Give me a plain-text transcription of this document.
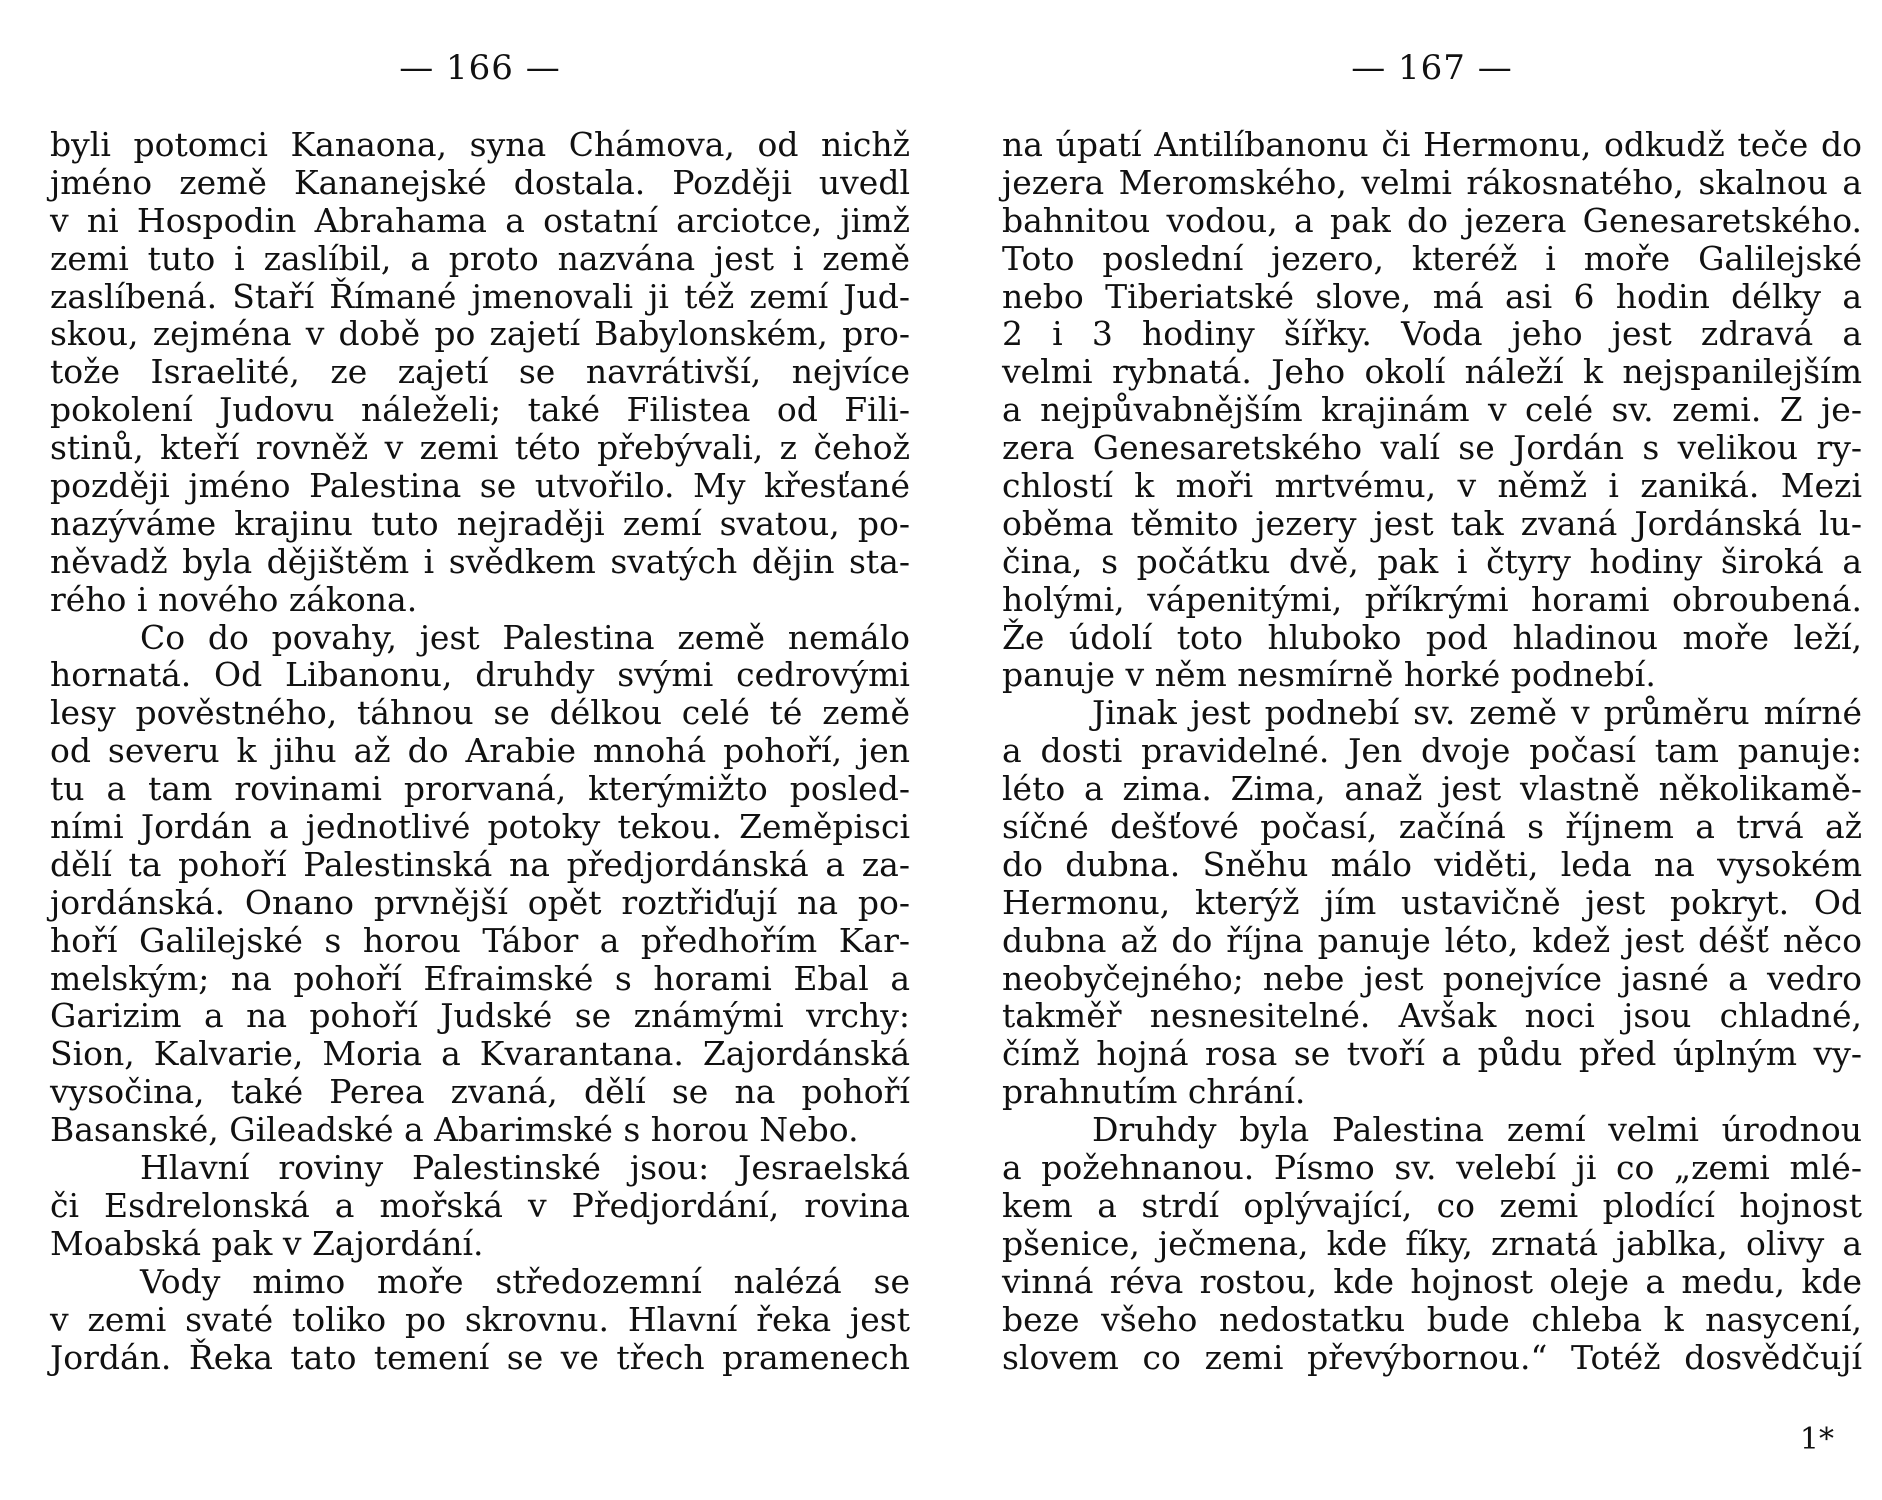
— 166 —
byli potomci Kanaona, syna Chámova, od nichž
jméno země Kananejské dostala. Později uvedl
v ni Hospodin Abrahama a ostatní arciotce, jimž
zemi tuto i zaslíbil, a proto nazvána jest i země
zaslíbená. Staří Římané jmenovali ji též zemí Jud-
skou, zejména v době po zajetí Babylonském, pro-
tože Israelité, ze zajetí se navrátivší, nejvíce
pokolení Judovu náleželi; také Filistea od Fili-
stinů, kteří rovněž v zemi této přebývali, z čehož
později jméno Palestina se utvořilo. My křesťané
nazýváme krajinu tuto nejraději zemí svatou, po-
něvadž byla dějištěm i svědkem svatých dějin sta-
rého i nového zákona.
Co do povahy, jest Palestina země nemálo
hornatá. Od Libanonu, druhdy svými cedrovými
lesy pověstného, táhnou se délkou celé té země
od severu k jihu až do Arabie mnohá pohoří, jen
tu a tam rovinami prorvaná, kterýmižto posled-
ními Jordán a jednotlivé potoky tekou. Zeměpisci
dělí ta pohoří Palestinská na předjordánská a za-
jordánská. Onano prvnější opět roztřiďují na po-
hoří Galilejské s horou Tábor a předhořím Kar-
melským; na pohoří Efraimské s horami Ebal a
Garizim a na pohoří Judské se známými vrchy:
Sion, Kalvarie, Moria a Kvarantana. Zajordánská
vysočina, také Perea zvaná, dělí se na pohoří
Basanské, Gileadské a Abarimské s horou Nebo.
Hlavní roviny Palestinské jsou: Jesraelská
či Esdrelonská a mořská v Předjordání, rovina
Moabská pak v Zajordání.
Vody mimo moře středozemní nalézá se
v zemi svaté toliko po skrovnu. Hlavní řeka jest
Jordán. Řeka tato temení se ve třech pramenech
— 167 —
na úpatí Antilíbanonu či Hermonu, odkudž teče do
jezera Meromského, velmi rákosnatého, skalnou a
bahnitou vodou, a pak do jezera Genesaretského.
Toto poslední jezero, kteréž i moře Galilejské
nebo Tiberiatské slove, má asi 6 hodin délky a
2 i 3 hodiny šířky. Voda jeho jest zdravá a
velmi rybnatá. Jeho okolí náleží k nejspanilejším
a nejpůvabnějším krajinám v celé sv. zemi. Z je-
zera Genesaretského valí se Jordán s velikou ry-
chlostí k moři mrtvému, v němž i zaniká. Mezi
oběma těmito jezery jest tak zvaná Jordánská lu-
čina, s počátku dvě, pak i čtyry hodiny široká a
holými, vápenitými, příkrými horami obroubená.
Že údolí toto hluboko pod hladinou moře leží,
panuje v něm nesmírně horké podnebí.
Jinak jest podnebí sv. země v průměru mírné
a dosti pravidelné. Jen dvoje počasí tam panuje:
léto a zima. Zima, anaž jest vlastně několikamě-
síčné dešťové počasí, začíná s říjnem a trvá až
do dubna. Sněhu málo viděti, leda na vysokém
Hermonu, kterýž jím ustavičně jest pokryt. Od
dubna až do října panuje léto, kdež jest déšť něco
neobyčejného; nebe jest ponejvíce jasné a vedro
takměř nesnesitelné. Avšak noci jsou chladné,
čímž hojná rosa se tvoří a půdu před úplným vy-
prahnutím chrání.
Druhdy byla Palestina zemí velmi úrodnou
a požehnanou. Písmo sv. velebí ji co „zemi mlé-
kem a strdí oplývající, co zemi plodící hojnost
pšenice, ječmena, kde fíky, zrnatá jablka, olivy a
vinná réva rostou, kde hojnost oleje a medu, kde
beze všeho nedostatku bude chleba k nasycení,
slovem co zemi převýbornou.“ Totéž dosvědčují
1*
